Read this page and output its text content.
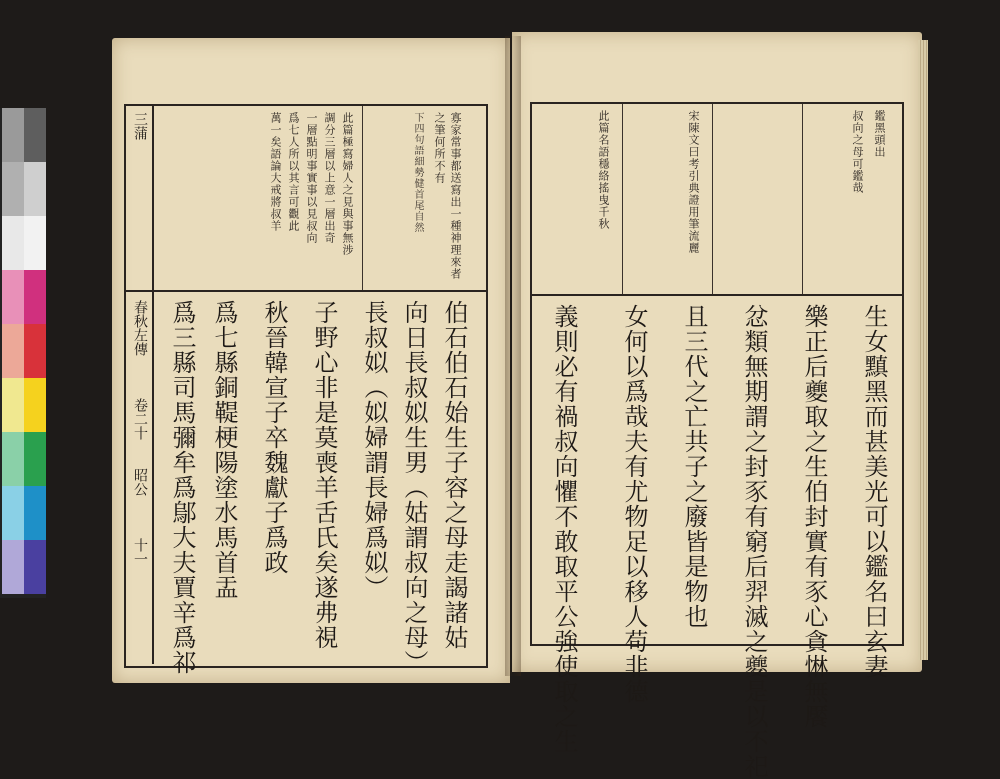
寡家常事都送寫出一種神理來者
之筆何所不有
下四句語細勢健首尾自然
此篇極寫婦人之見與事無涉
調分三層以上意一層出奇
一層點明事實事以見叔向
爲七人所以其言可觀此
萬一矣語論大戒將叔羊
伯石伯石始生子容之母走謁諸姑
向日長叔姒生男（姑謂叔向之母）
長叔姒（姒婦謂長婦爲姒）
子野心非是莫喪羊舌氏矣遂弗視
秋晉韓宣子卒魏獻子爲政
爲七縣銅鞮梗陽塗水馬首盂
爲三縣司馬彌牟爲鄔大夫賈辛爲祁
三蒲
春秋左傳
卷二十
昭公
十一
此篇名語穩絡搖曳千秋	宋陳文曰考引典證用筆流麗	叔向之母可鑑哉 鑑黑頭出
生女黰黑而甚美光可以鑑名曰玄妻
樂正后夔取之生伯封實有豕心貪惏無饜
忿類無期謂之封豕有窮后羿滅之夔是以不祀
且三代之亡共子之廢皆是物也
女何以爲哉夫有尤物足以移人苟非德
義則必有禍叔向懼不敢取平公強使取之生
